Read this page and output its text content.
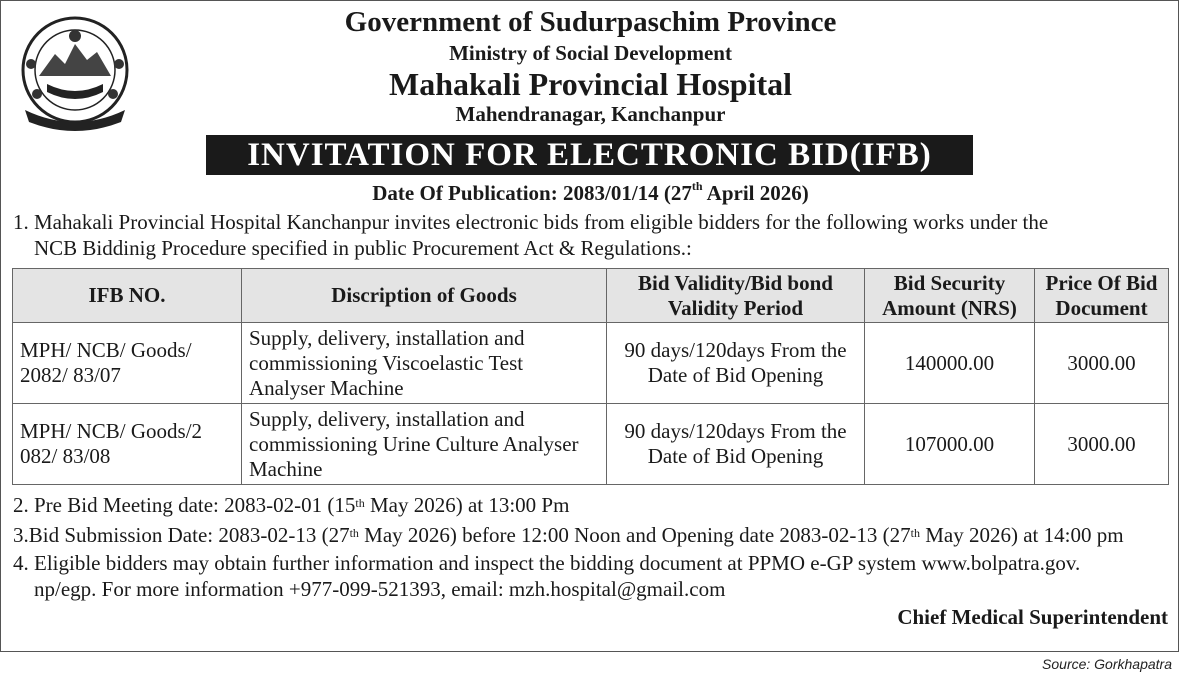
Government of Sudurpaschim Province
Ministry of Social Development
Mahakali Provincial Hospital
Mahendranagar, Kanchanpur
INVITATION FOR ELECTRONIC BID(IFB)
Date Of Publication: 2083/01/14 (27th April 2026)
1. Mahakali Provincial Hospital Kanchanpur invites electronic bids from eligible bidders for the following works under the
NCB Biddinig Procedure specified in public Procurement Act & Regulations.:
IFB NO.	Discription of Goods	Bid Validity/Bid bond Validity Period	Bid Security Amount (NRS)	Price Of Bid Document
MPH/ NCB/ Goods/ 2082/ 83/07	Supply, delivery, installation and commissioning Viscoelastic Test Analyser Machine	90 days/120days From the Date of Bid Opening	140000.00	3000.00
MPH/ NCB/ Goods/2 082/ 83/08	Supply, delivery, installation and commissioning Urine Culture Analyser Machine	90 days/120days From the Date of Bid Opening	107000.00	3000.00
2. Pre Bid Meeting date: 2083-02-01 (15th May 2026) at 13:00 Pm
3.Bid Submission Date: 2083-02-13 (27th May 2026) before 12:00 Noon and Opening date 2083-02-13 (27th May 2026) at 14:00 pm
4. Eligible bidders may obtain further information and inspect the bidding document at PPMO e-GP system www.bolpatra.gov.
np/egp. For more information +977-099-521393, email: mzh.hospital@gmail.com
Chief Medical Superintendent
Source: Gorkhapatra
